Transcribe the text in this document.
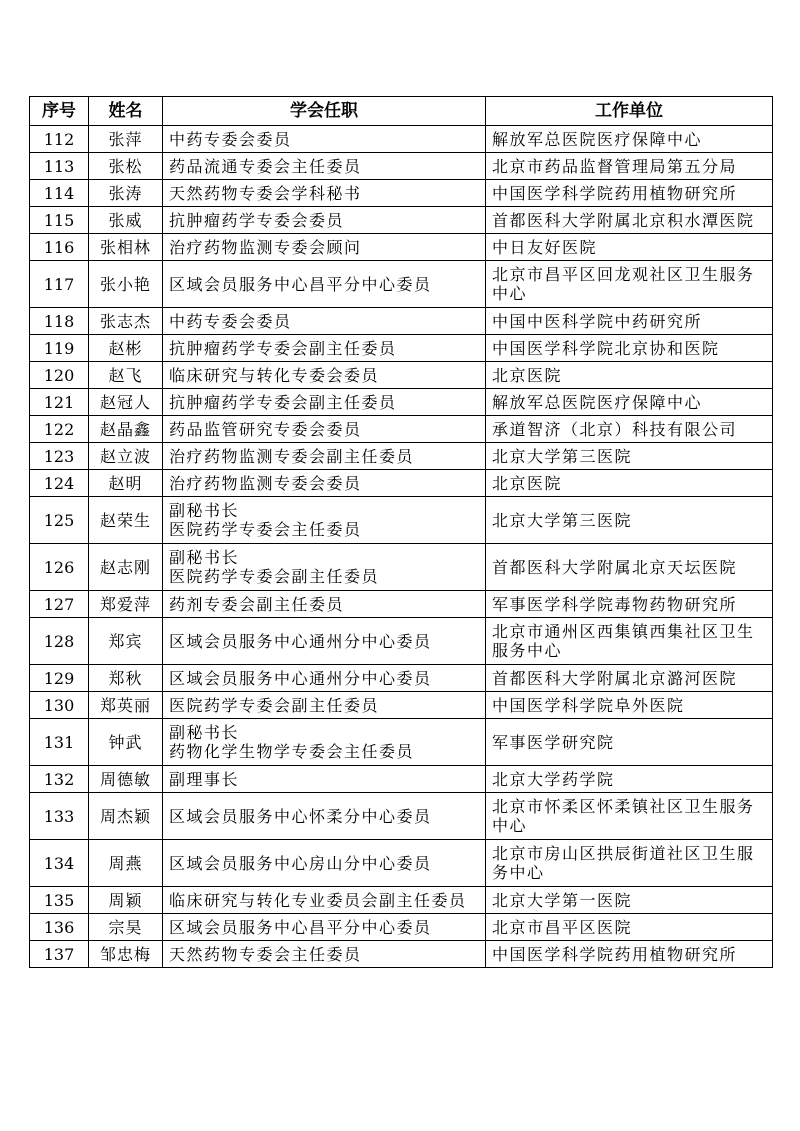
序号	姓名	学会任职	工作单位
112	张萍	中药专委会委员	解放军总医院医疗保障中心
113	张松	药品流通专委会主任委员	北京市药品监督管理局第五分局
114	张涛	天然药物专委会学科秘书	中国医学科学院药用植物研究所
115	张威	抗肿瘤药学专委会委员	首都医科大学附属北京积水潭医院
116	张相林	治疗药物监测专委会顾问	中日友好医院
117	张小艳	区域会员服务中心昌平分中心委员	北京市昌平区回龙观社区卫生服务中心
118	张志杰	中药专委会委员	中国中医科学院中药研究所
119	赵彬	抗肿瘤药学专委会副主任委员	中国医学科学院北京协和医院
120	赵飞	临床研究与转化专委会委员	北京医院
121	赵冠人	抗肿瘤药学专委会副主任委员	解放军总医院医疗保障中心
122	赵晶鑫	药品监管研究专委会委员	承道智济（北京）科技有限公司
123	赵立波	治疗药物监测专委会副主任委员	北京大学第三医院
124	赵明	治疗药物监测专委会委员	北京医院
125	赵荣生	副秘书长
医院药学专委会主任委员	北京大学第三医院
126	赵志刚	副秘书长
医院药学专委会副主任委员	首都医科大学附属北京天坛医院
127	郑爱萍	药剂专委会副主任委员	军事医学科学院毒物药物研究所
128	郑宾	区域会员服务中心通州分中心委员	北京市通州区西集镇西集社区卫生服务中心
129	郑秋	区域会员服务中心通州分中心委员	首都医科大学附属北京潞河医院
130	郑英丽	医院药学专委会副主任委员	中国医学科学院阜外医院
131	钟武	副秘书长
药物化学生物学专委会主任委员	军事医学研究院
132	周德敏	副理事长	北京大学药学院
133	周杰颖	区域会员服务中心怀柔分中心委员	北京市怀柔区怀柔镇社区卫生服务中心
134	周燕	区域会员服务中心房山分中心委员	北京市房山区拱辰街道社区卫生服务中心
135	周颖	临床研究与转化专业委员会副主任委员	北京大学第一医院
136	宗昊	区域会员服务中心昌平分中心委员	北京市昌平区医院
137	邹忠梅	天然药物专委会主任委员	中国医学科学院药用植物研究所
